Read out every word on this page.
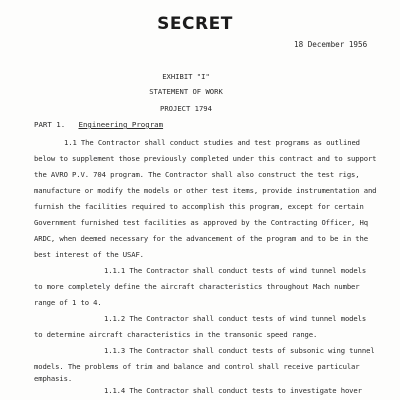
SECRET
18 December 1956
EXHIBIT "I"
STATEMENT OF WORK
PROJECT 1794
PART 1. Engineering Program
1.1 The Contractor shall conduct studies and test programs as outlined
below to supplement those previously completed under this contract and to support
the AVRO P.V. 704 program. The Contractor shall also construct the test rigs,
manufacture or modify the models or other test items, provide instrumentation and
furnish the facilities required to accomplish this program, except for certain
Government furnished test facilities as approved by the Contracting Officer, Hq
ARDC, when deemed necessary for the advancement of the program and to be in the
best interest of the USAF.
1.1.1 The Contractor shall conduct tests of wind tunnel models
to more completely define the aircraft characteristics throughout Mach number
range of 1 to 4.
1.1.2 The Contractor shall conduct tests of wind tunnel models
to determine aircraft characteristics in the transonic speed range.
1.1.3 The Contractor shall conduct tests of subsonic wing tunnel
models. The problems of trim and balance and control shall receive particular
emphasis.
1.1.4 The Contractor shall conduct tests to investigate hover
